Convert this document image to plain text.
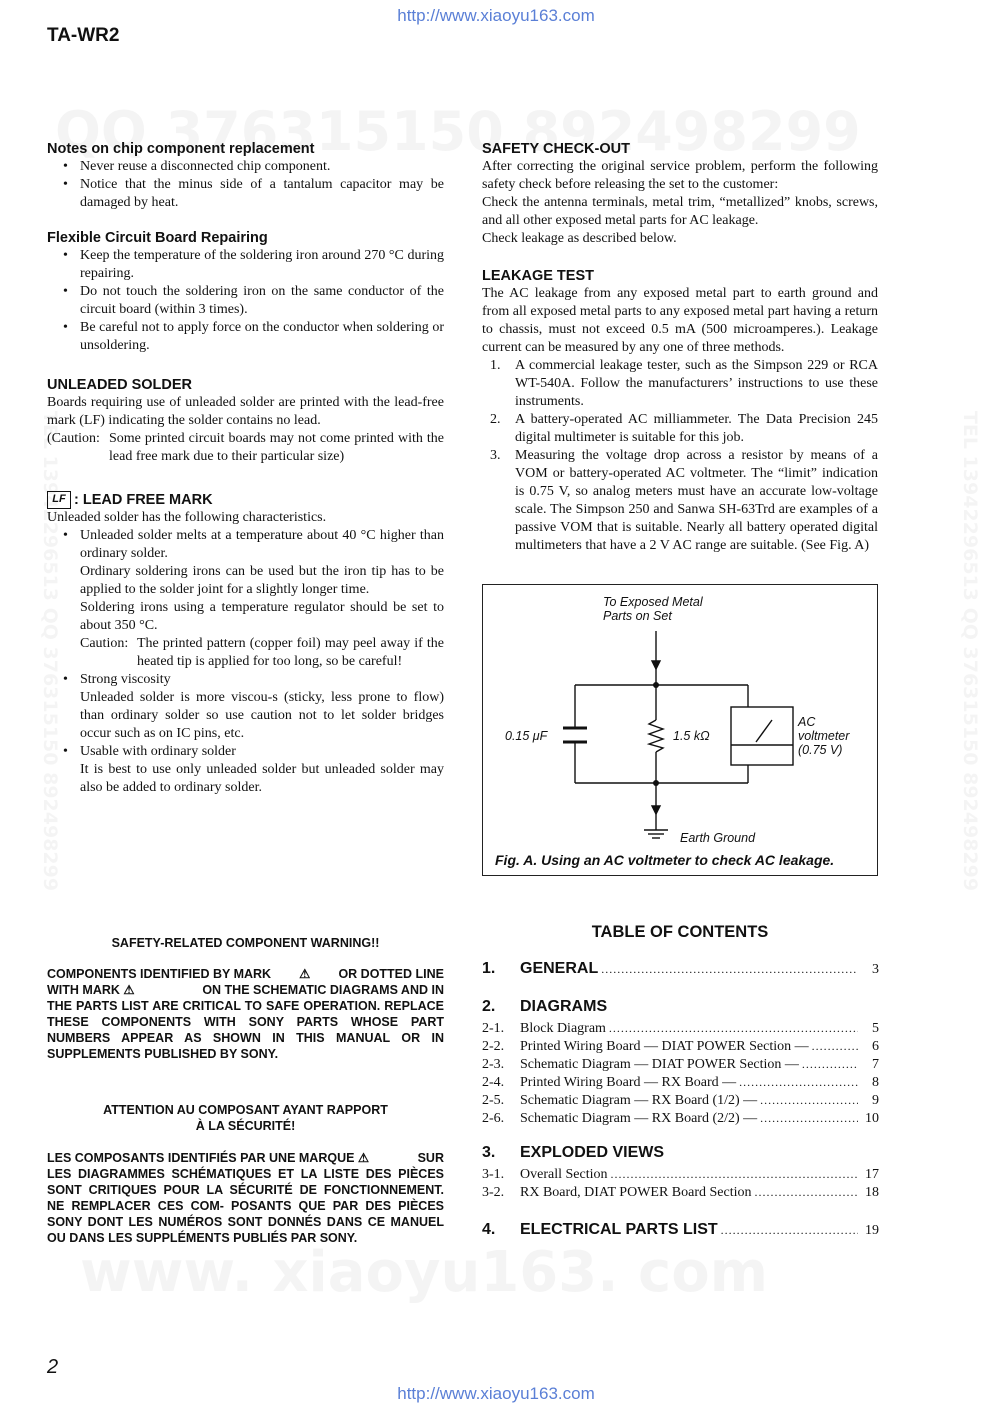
http://www.xiaoyu163.com
TA-WR2

Notes on chip component replacement

• Never reuse a disconnected chip component.

• Notice that the minus side of a tantalum capacitor may be damaged by heat.

Flexible Circuit Board Repairing

• Keep the temperature of the soldering iron around 270 °C during repairing.

• Do not touch the soldering iron on the same conductor of the circuit board (within 3 times).

• Be careful not to apply force on the conductor when soldering or unsoldering.

UNLEADED SOLDER

Boards requiring use of unleaded solder are printed with the lead-free mark (LF) indicating the solder contains no lead.

(Caution: Some printed circuit boards may not come printed with the lead free mark due to their particular size)
LF : LEAD FREE MARK

Unleaded solder has the following characteristics.

• Unleaded solder melts at a temperature about 40 °C higher than ordinary solder.

Ordinary soldering irons can be used but the iron tip has to be applied to the solder joint for a slightly longer time.

Soldering irons using a temperature regulator should be set to about 350 °C.

Caution: The printed pattern (copper foil) may peel away if the heated tip is applied for too long, so be careful!

• Strong viscosity

Unleaded solder is more viscou-s (sticky, less prone to flow) than ordinary solder so use caution not to let solder bridges occur such as on IC pins, etc.

• Usable with ordinary solder

It is best to use only unleaded solder but unleaded solder may also be added to ordinary solder.

SAFETY CHECK-OUT

After correcting the original service problem, perform the following safety check before releasing the set to the customer:

Check the antenna terminals, metal trim, “metallized” knobs, screws, and all other exposed metal parts for AC leakage.

Check leakage as described below.

LEAKAGE TEST

The AC leakage from any exposed metal part to earth ground and from all exposed metal parts to any exposed metal part having a return to chassis, must not exceed 0.5 mA (500 microamperes.). Leakage current can be measured by any one of three methods.

1. A commercial leakage tester, such as the Simpson 229 or RCA WT-540A. Follow the manufacturers’ instructions to use these instruments.
2. A battery-operated AC milliammeter. The Data Precision 245 digital multimeter is suitable for this job.
3. Measuring the voltage drop across a resistor by means of a VOM or battery-operated AC voltmeter. The “limit” indication is 0.75 V, so analog meters must have an accurate low-voltage scale. The Simpson 250 and Sanwa SH-63Trd are examples of a passive VOM that is suitable. Nearly all battery operated digital multimeters that have a 2 V AC range are suitable. (See Fig. A)
To Exposed Metal
Parts on Set
0.15 μF	1.5 kΩ
AC
voltmeter
(0.75 V)
Earth Ground
Fig. A. Using an AC voltmeter to check AC leakage.
SAFETY-RELATED COMPONENT WARNING!!
COMPONENTS IDENTIFIED BY MARK ⚠ OR DOTTED LINE
WITH MARK ⚠	ON THE SCHEMATIC DIAGRAMS AND IN
THE PARTS LIST ARE CRITICAL TO SAFE OPERATION. REPLACE THESE COMPONENTS WITH SONY PARTS WHOSE PART NUMBERS APPEAR AS SHOWN IN THIS MANUAL OR IN SUPPLEMENTS PUBLISHED BY SONY.
ATTENTION AU COMPOSANT AYANT RAPPORT
À LA SÉCURITÉ!
LES COMPOSANTS IDENTIFIÉS PAR UNE MARQUE ⚠	SUR
LES DIAGRAMMES SCHÉMATIQUES ET LA LISTE DES PIÈCES SONT CRITIQUES POUR LA SÉCURITÉ DE FONCTIONNEMENT. NE REMPLACER CES COM- POSANTS QUE PAR DES PIÈCES SONY DONT LES NUMÉROS SONT DONNÉS DANS CE MANUEL OU DANS LES SUPPLÉMENTS PUBLIÉS PAR SONY.
TABLE OF CONTENTS
1.	GENERAL .....	3
2.	DIAGRAMS
2-1.	Block Diagram .....	5
2-2.	Printed Wiring Board — DIAT POWER Section — .....	6
2-3.	Schematic Diagram — DIAT POWER Section — .....	7
2-4.	Printed Wiring Board — RX Board — .....	8
2-5.	Schematic Diagram — RX Board (1/2) — .....	9
2-6.	Schematic Diagram — RX Board (2/2) — .....	10
3.	EXPLODED VIEWS
3-1.	Overall Section .....	17
3-2.	RX Board, DIAT POWER Board Section .....	18
4.	ELECTRICAL PARTS LIST .....	19
2
http://www.xiaoyu163.com
